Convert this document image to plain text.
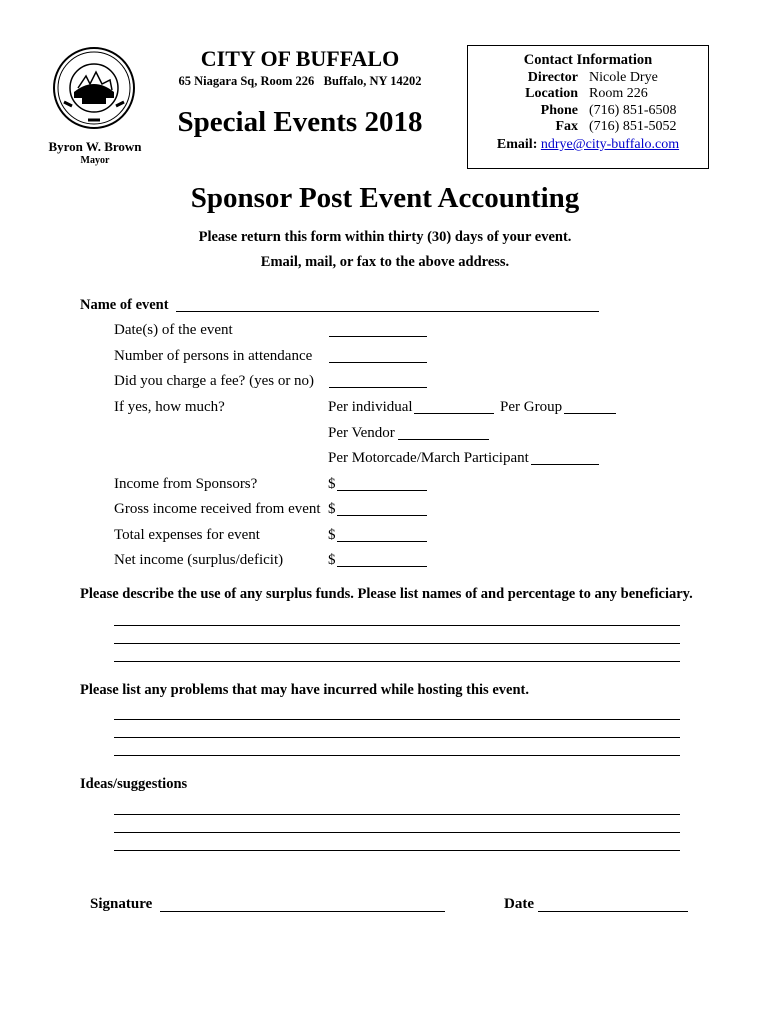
CITY OF BUFFALO
65 Niagara Sq, Room 226   Buffalo, NY 14202
Special Events 2018
Byron W. Brown
Mayor
Contact Information
Director Nicole Drye
Location Room 226
Phone (716) 851-6508
Fax (716) 851-5052
Email: ndrye@city-buffalo.com
Sponsor Post Event Accounting
Please return this form within thirty (30) days of your event.
Email, mail, or fax to the above address.
Name of event
Date(s) of the event
Number of persons in attendance
Did you charge a fee? (yes or no)
If yes, how much?	Per individual	Per Group
Per Vendor
Per Motorcade/March Participant
Income from Sponsors?	$
Gross income received from event $
Total expenses for event	$
Net income (surplus/deficit)	$
Please describe the use of any surplus funds. Please list names of and percentage to any beneficiary.
Please list any problems that may have incurred while hosting this event.
Ideas/suggestions
Signature	Date
